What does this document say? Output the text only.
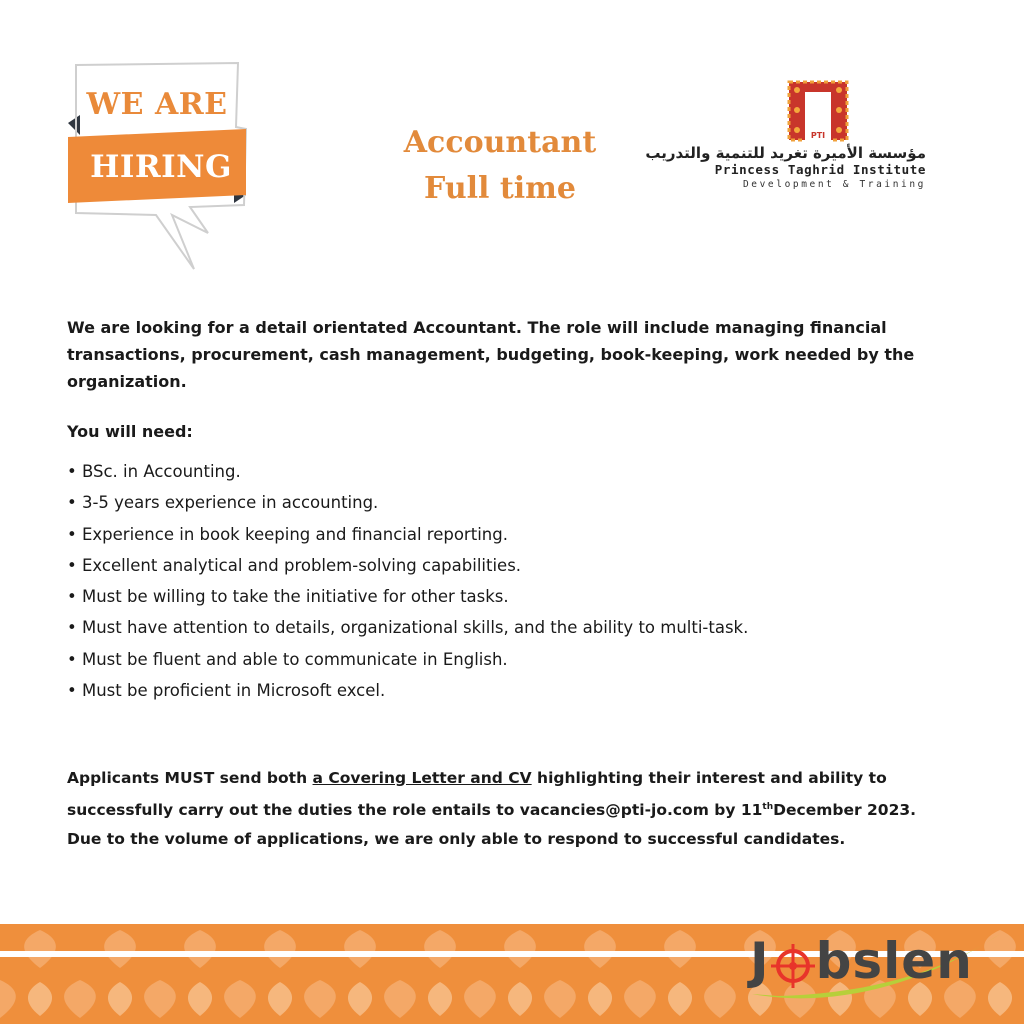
WE ARE
HIRING
Accountant
Full time
PTI
مؤسسة الأميرة تغريد للتنمية والتدريب
Princess Taghrid Institute
Development & Training
We are looking for a detail orientated Accountant. The role will include managing financial transactions, procurement, cash management, budgeting, book-keeping, work needed by the organization.
You will need:
• BSc. in Accounting.
• 3-5 years experience in accounting.
• Experience in book keeping and financial reporting.
• Excellent analytical and problem-solving capabilities.
• Must be willing to take the initiative for other tasks.
• Must have attention to details, organizational skills, and the ability to multi-task.
• Must be fluent and able to communicate in English.
• Must be proficient in Microsoft excel.
Applicants MUST send both a Covering Letter and CV highlighting their interest and ability to successfully carry out the duties the role entails to vacancies@pti-jo.com by 11thDecember 2023.
Due to the volume of applications, we are only able to respond to successful candidates.
J bslen
